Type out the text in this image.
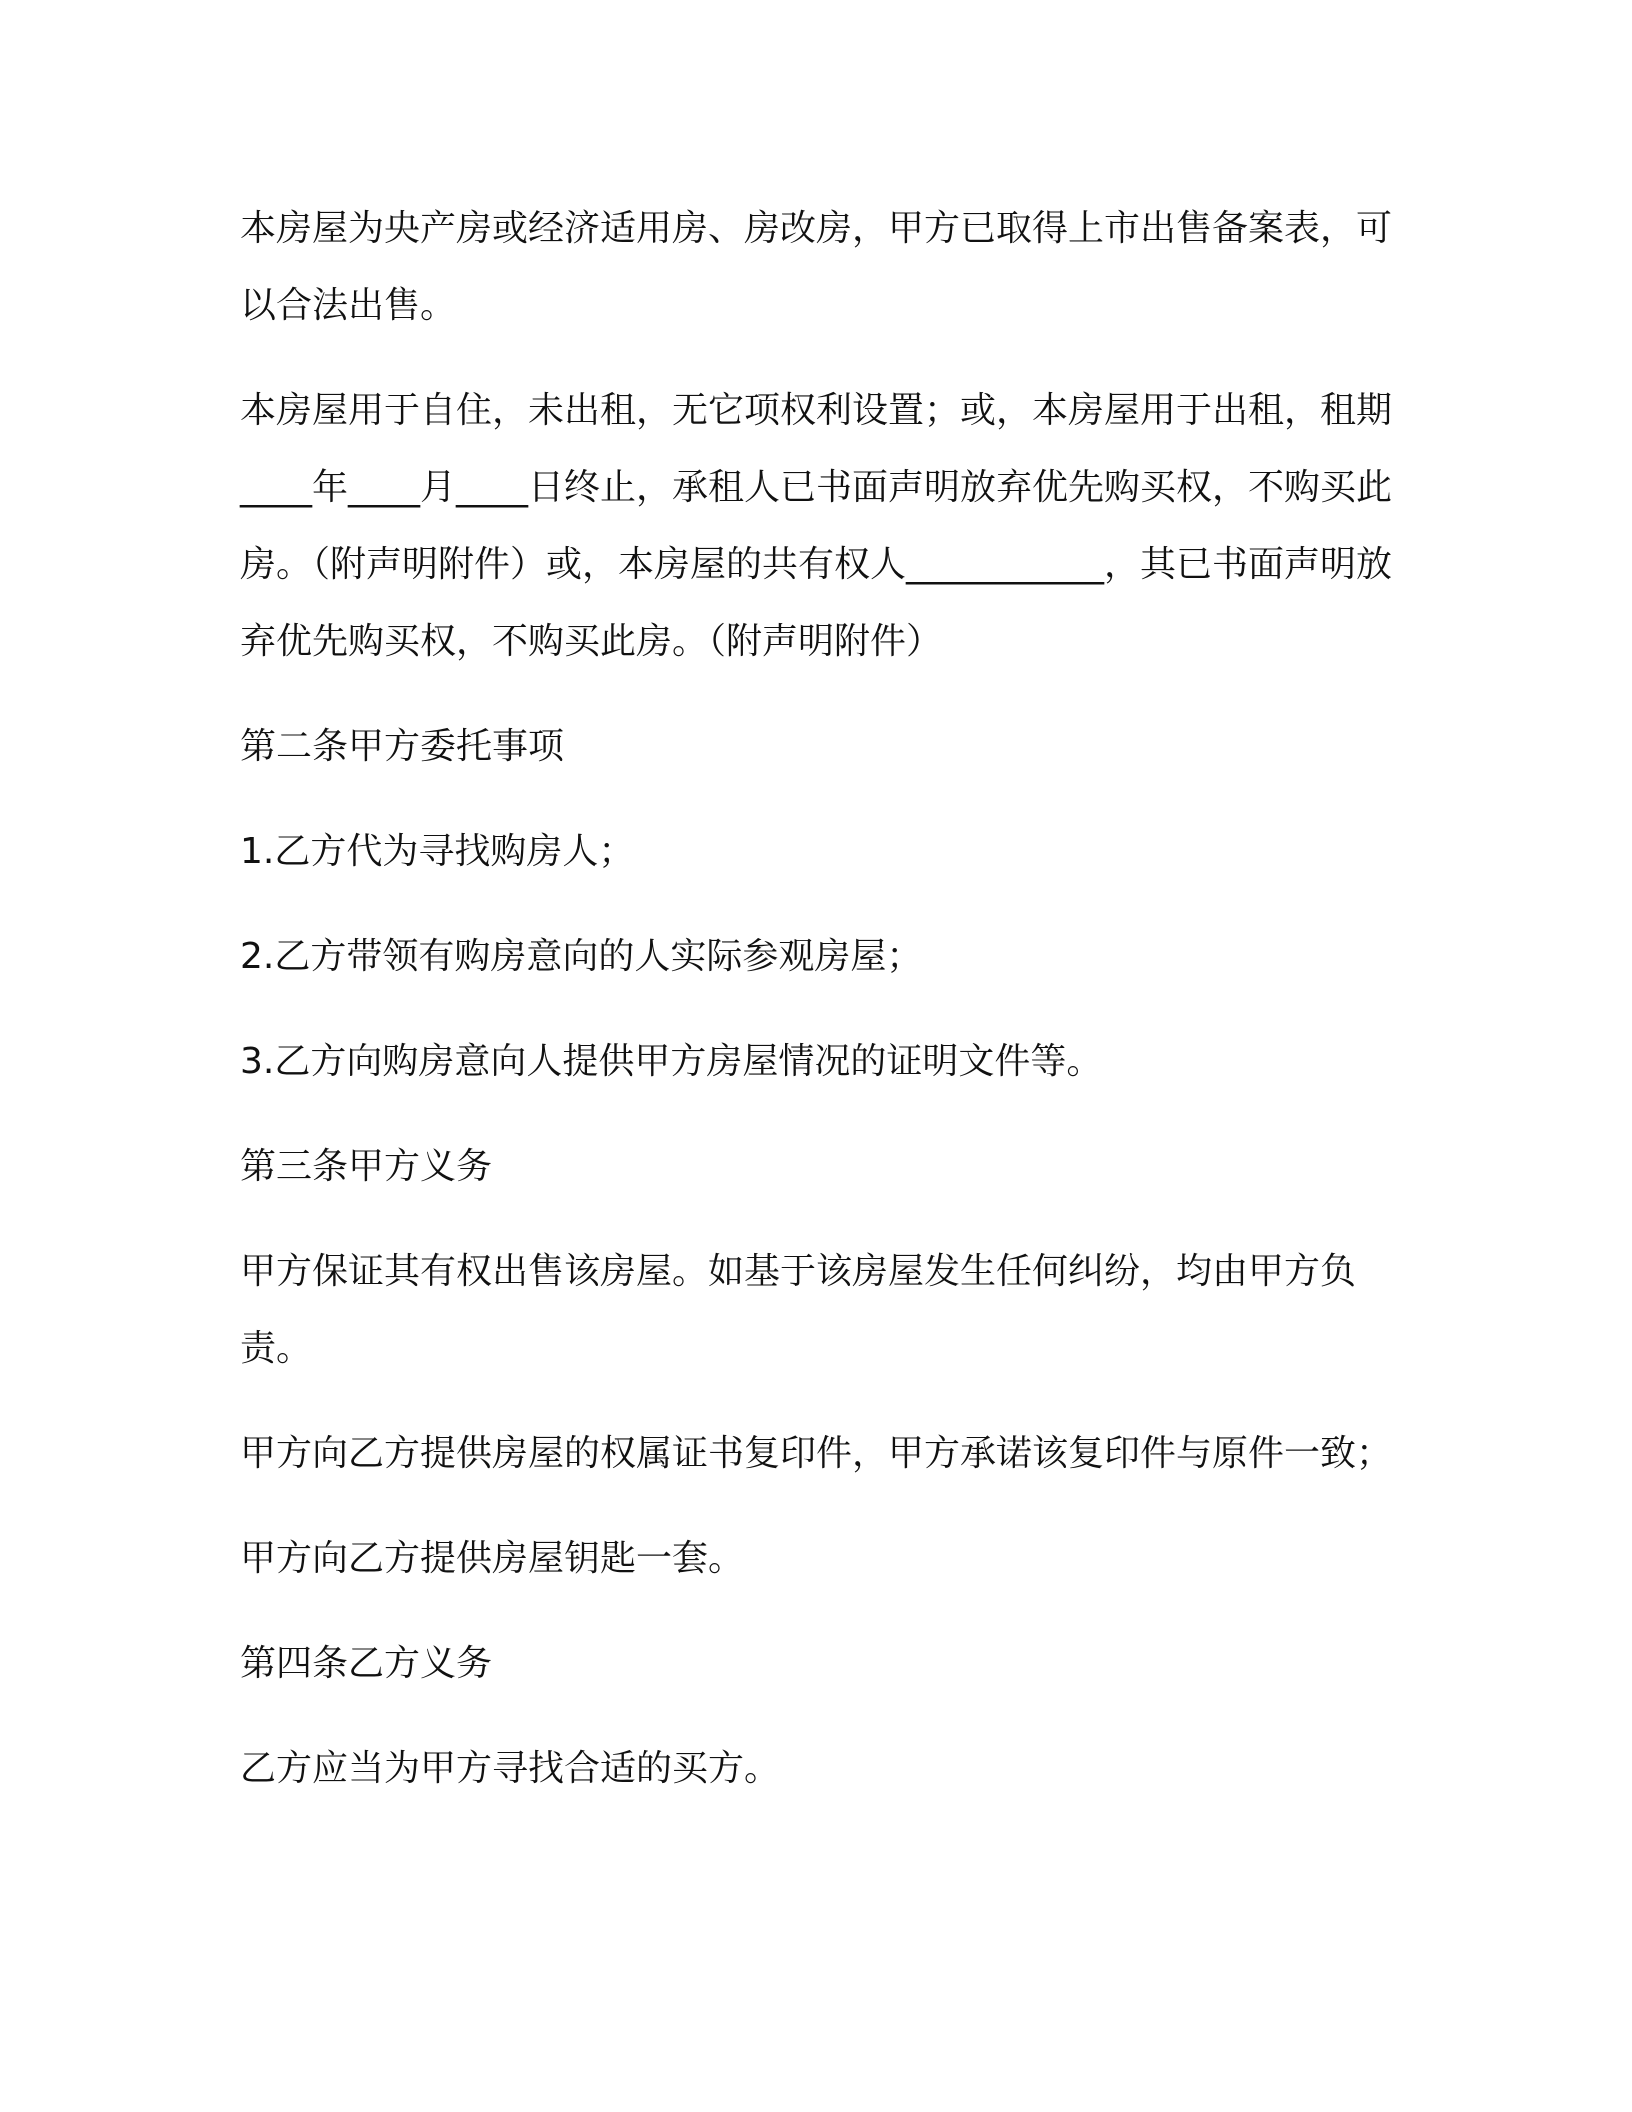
本房屋为央产房或经济适用房、房改房，甲方已取得上市出售备案表，可以合法出售。

本房屋用于自住，未出租，无它项权利设置；或，本房屋用于出租，租期____年____月____日终止，承租人已书面声明放弃优先购买权，不购买此房。（附声明附件）或，本房屋的共有权人___________，其已书面声明放弃优先购买权，不购买此房。（附声明附件）

第二条甲方委托事项

1.乙方代为寻找购房人；

2.乙方带领有购房意向的人实际参观房屋；

3.乙方向购房意向人提供甲方房屋情况的证明文件等。

第三条甲方义务

甲方保证其有权出售该房屋。如基于该房屋发生任何纠纷，均由甲方负责。

甲方向乙方提供房屋的权属证书复印件，甲方承诺该复印件与原件一致；

甲方向乙方提供房屋钥匙一套。

第四条乙方义务

乙方应当为甲方寻找合适的买方。
